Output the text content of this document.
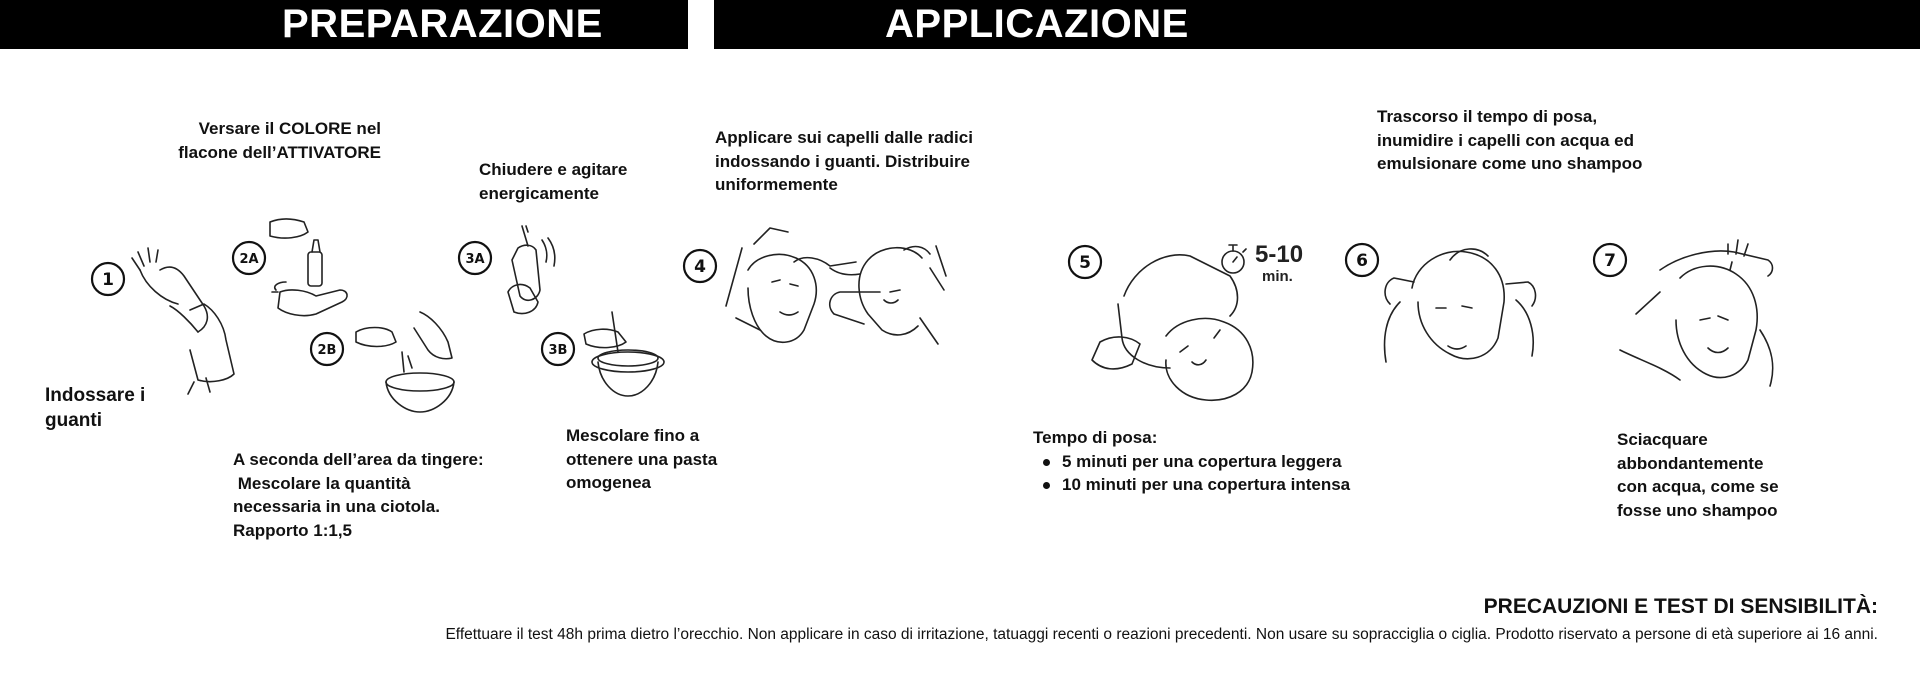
PREPARAZIONE	APPLICAZIONE
Versare il COLORE nel
flacone dell’ATTIVATORE
Chiudere e agitare
energicamente
Applicare sui capelli dalle radici
indossando i guanti. Distribuire
uniformemente
Trascorso il tempo di posa,
inumidire i capelli con acqua ed
emulsionare come uno shampoo
Indossare i
guanti
A seconda dell’area da tingere:
Mescolare la quantità
necessaria in una ciotola.
Rapporto 1:1,5
Mescolare fino a
ottenere una pasta
omogenea
Tempo di posa:
5 minuti per una copertura leggera
10 minuti per una copertura intensa
Sciacquare
abbondantemente
con acqua, come se
fosse uno shampoo
1
2A
2B
3A
3B
4	5	5-10
min.
6	7
PRECAUZIONI E TEST DI SENSIBILITÀ:
Effettuare il test 48h prima dietro l’orecchio. Non applicare in caso di irritazione, tatuaggi recenti o reazioni precedenti. Non usare su sopracciglia o ciglia. Prodotto riservato a persone di età superiore ai 16 anni.
